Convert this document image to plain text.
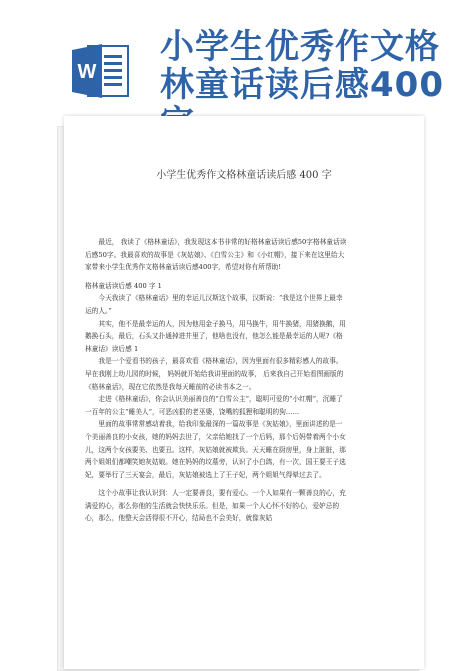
W
小学生优秀作文格林童话读后感400
小学生优秀作文格林童话读后感 400 字

最近， 我读了《格林童话》，我发现这本书非常的好格林童话读后感50字格林童话读后感50字。我最喜欢的故事是《灰姑娘》、《白雪公主》和《小红帽》，接下来在这里给大家带来小学生优秀作文格林童话读后感400字，希望对你有所帮助!

格林童话读后感 400 字 1

今天我读了《格林童话》里的幸运儿汉斯这个故事，汉斯说：“我是这个世界上最幸运的人。”

其实，他不是最幸运的人，因为他用金子换马，用马换牛，用牛换猪，用猪换鹅，用鹅换石头，最后，石头又扑通掉进井里了，他啥也没有，他怎么能是最幸运的人呢?《格林童话》读后感 1

我是一个爱看书的孩子，最喜欢看《格林童话》，因为里面有很多精彩感人的故事。早在我刚上幼儿园的时候， 妈妈就开始给我讲里面的故事， 后来我自己开始看图画版的《格林童话》，现在它依然是我每天睡前的必读书本之一。

走进《格林童话》，你会认识美丽善良的“白雪公主”，聪明可爱的“小红帽”，沉睡了一百年的公主“睡美人”，可恶凶狠的老巫婆，饶嘴的狐狸和聪明的狗……

里面的故事常常感动着我，给我印象最深的一篇故事是《灰姑娘》，里面讲述的是一个美丽善良的小女孩，她的妈妈去世了，父亲给她找了一个后妈，那个后妈带着两个小女儿，这两个女孩要美、也要丑。这样，灰姑娘就被欺负。天天睡在厨房里，身上脏脏，那两个姐姐们都嘲笑她灰姑娘。她在妈妈的坟墓旁，认识了小白鸽，有一次，国王要王子选妃，要举行了三天宴会，最后，灰姑娘被选上了王子妃，两个姐姐气得晕过去了。

这个小故事让我认识到：人一定要善良，要有爱心。一个人如果有一颗善良的心，充满爱的心，那么你他的生活就会快快乐乐。但是，如果一个人心怀不好的心，爱妒忌的心，那么，他整天会活得很不开心，结局也不会美好，就像灰姑
